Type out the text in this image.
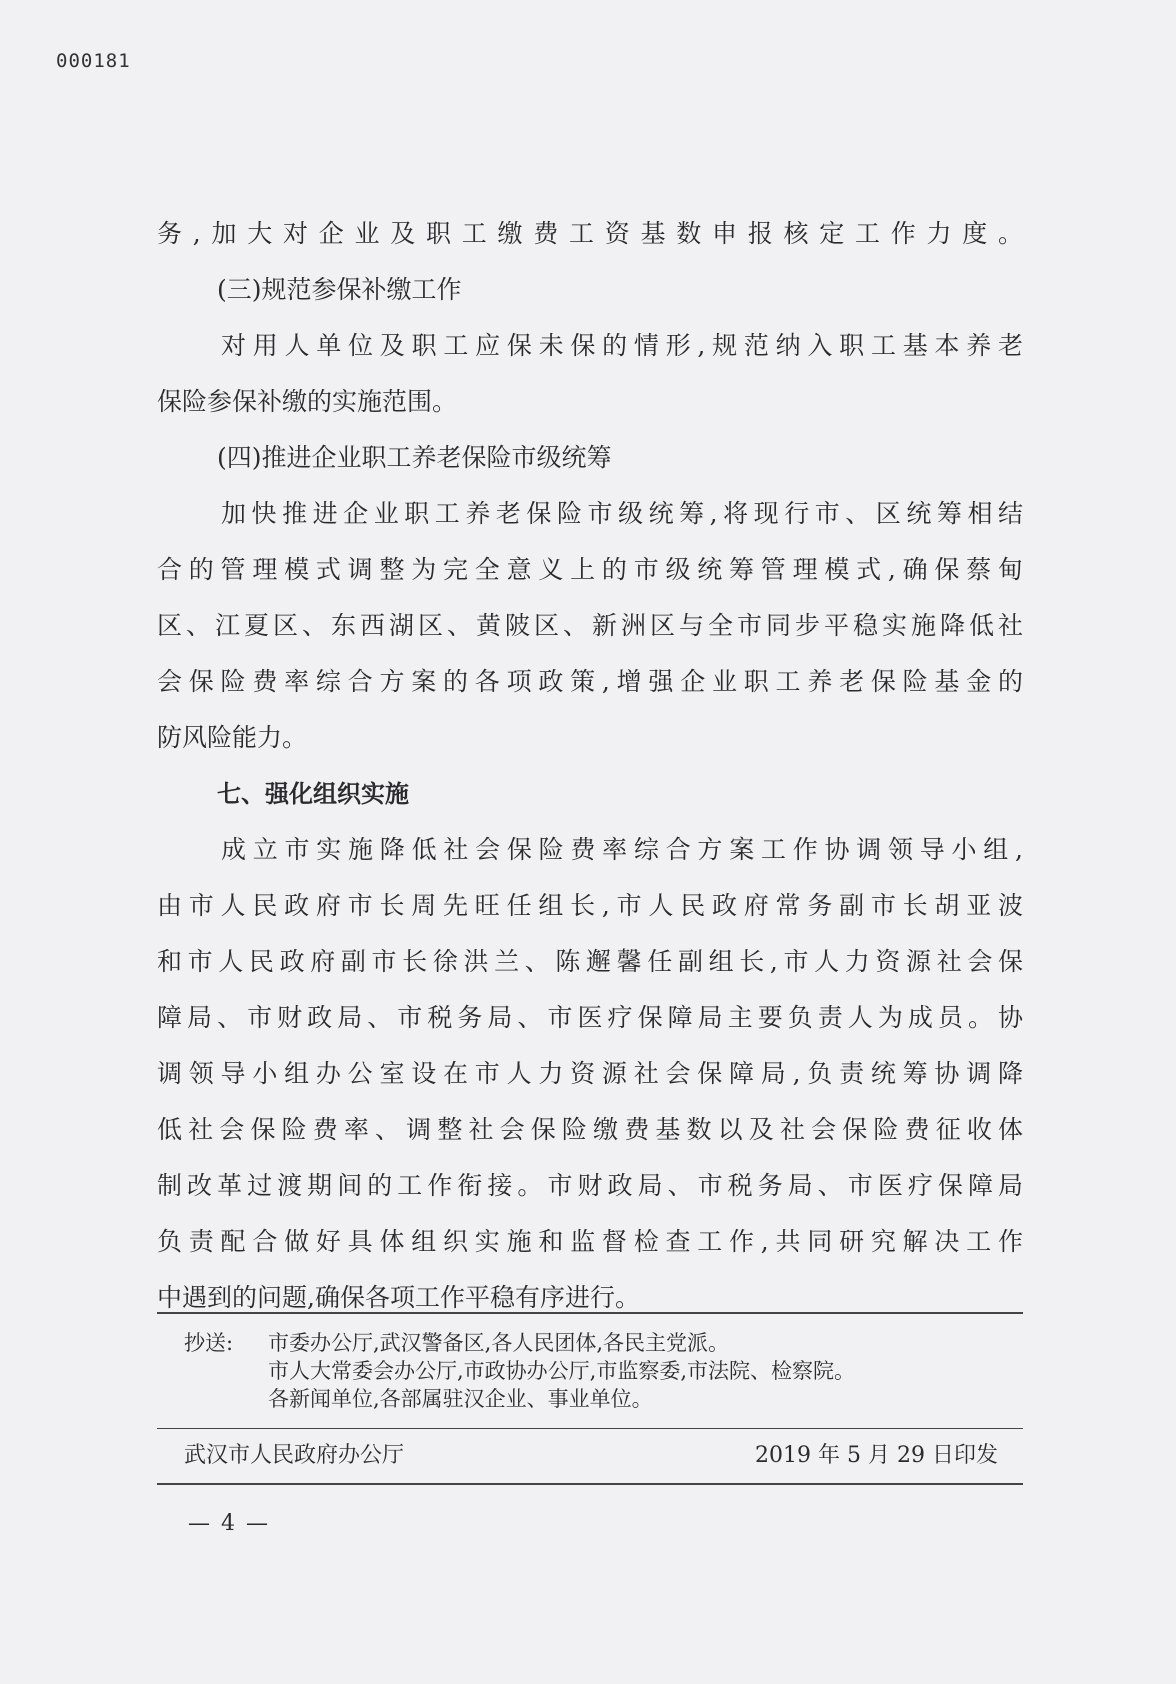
000181
务,加大对企业及职工缴费工资基数申报核定工作力度。
(三)规范参保补缴工作
对用人单位及职工应保未保的情形,规范纳入职工基本养老
保险参保补缴的实施范围。
(四)推进企业职工养老保险市级统筹
加快推进企业职工养老保险市级统筹,将现行市、区统筹相结
合的管理模式调整为完全意义上的市级统筹管理模式,确保蔡甸
区、江夏区、东西湖区、黄陂区、新洲区与全市同步平稳实施降低社
会保险费率综合方案的各项政策,增强企业职工养老保险基金的
防风险能力。
七、强化组织实施
成立市实施降低社会保险费率综合方案工作协调领导小组,
由市人民政府市长周先旺任组长,市人民政府常务副市长胡亚波
和市人民政府副市长徐洪兰、陈邂馨任副组长,市人力资源社会保
障局、市财政局、市税务局、市医疗保障局主要负责人为成员。协
调领导小组办公室设在市人力资源社会保障局,负责统筹协调降
低社会保险费率、调整社会保险缴费基数以及社会保险费征收体
制改革过渡期间的工作衔接。市财政局、市税务局、市医疗保障局
负责配合做好具体组织实施和监督检查工作,共同研究解决工作
中遇到的问题,确保各项工作平稳有序进行。
抄送: 市委办公厅,武汉警备区,各人民团体,各民主党派。
市人大常委会办公厅,市政协办公厅,市监察委,市法院、检察院。
各新闻单位,各部属驻汉企业、事业单位。
武汉市人民政府办公厅	2019 年 5 月 29 日印发
— 4 —
